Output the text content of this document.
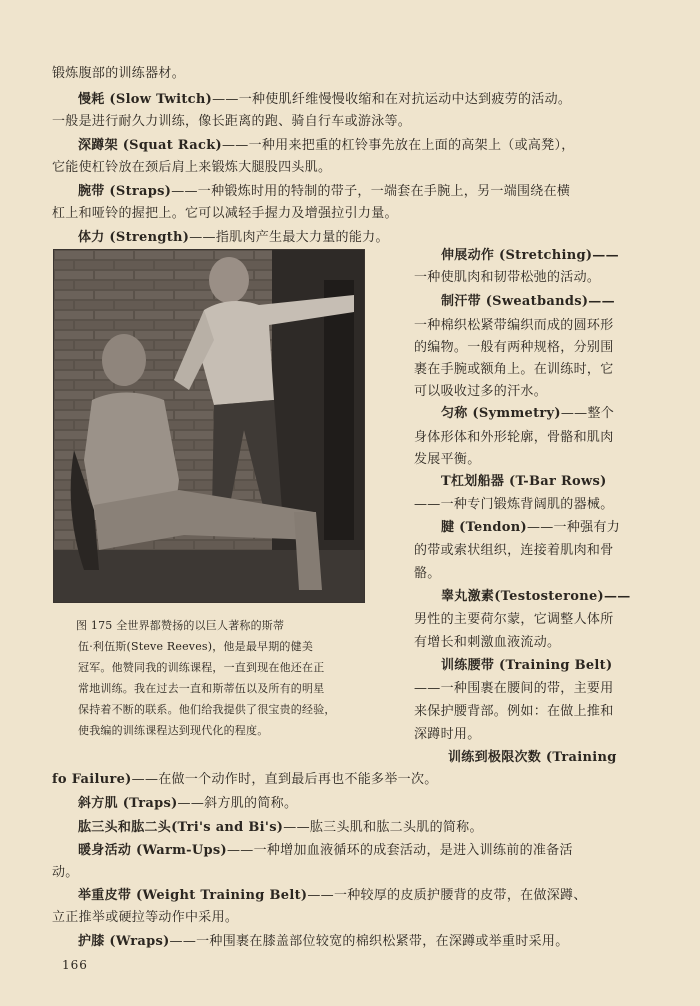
锻炼腹部的训练器材。
慢耗 (Slow Twitch)——一种使肌纤维慢慢收缩和在对抗运动中达到疲劳的活动。
一般是进行耐久力训练，像长距离的跑、骑自行车或游泳等。
深蹲架 (Squat Rack)——一种用来把重的杠铃事先放在上面的高架上（或高凳），
它能使杠铃放在颈后肩上来锻炼大腿股四头肌。
腕带 (Straps)——一种锻炼时用的特制的带子，一端套在手腕上，另一端围绕在横
杠上和哑铃的握把上。它可以减轻手握力及增强拉引力量。
体力 (Strength)——指肌肉产生最大力量的能力。
图 175 全世界都赞扬的以巨人著称的斯蒂
伍·利伍斯(Steve Reeves)，他是最早期的健美
冠军。他赞同我的训练课程，一直到现在他还在正
常地训练。我在过去一直和斯蒂伍以及所有的明星
保持着不断的联系。他们给我提供了很宝贵的经验，
使我编的训练课程达到现代化的程度。
伸展动作 (Stretching)——
一种使肌肉和韧带松弛的活动。
制汗带 (Sweatbands)——
一种棉织松紧带编织而成的圆环形
的编物。一般有两种规格，分别围
裹在手腕或额角上。在训练时，它
可以吸收过多的汗水。
匀称 (Symmetry)——整个
身体形体和外形轮廓，骨骼和肌肉
发展平衡。
T杠划船器 (T-Bar Rows)
——一种专门锻炼背阔肌的器械。
腱 (Tendon)——一种强有力
的带或索状组织，连接着肌肉和骨
骼。
睾丸激素(Testosterone)——
男性的主要荷尔蒙，它调整人体所
有增长和刺激血液流动。
训练腰带 (Training Belt)
——一种围裹在腰间的带，主要用
来保护腰背部。例如：在做上推和
深蹲时用。
训练到极限次数 (Training
fo Failure)——在做一个动作时，直到最后再也不能多举一次。
斜方肌 (Traps)——斜方肌的简称。
肱三头和肱二头(Tri's and Bi's)——肱三头肌和肱二头肌的简称。
暖身活动 (Warm-Ups)——一种增加血液循环的成套活动，是进入训练前的准备活
动。
举重皮带 (Weight Training Belt)——一种较厚的皮质护腰背的皮带，在做深蹲、
立正推举或硬拉等动作中采用。
护膝 (Wraps)——一种围裹在膝盖部位较宽的棉织松紧带，在深蹲或举重时采用。
166
